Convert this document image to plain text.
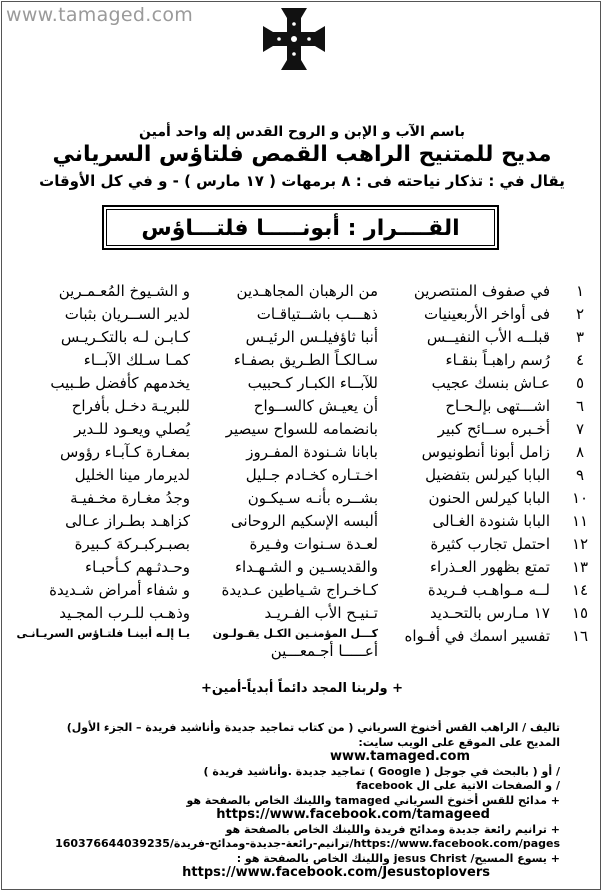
www.tamaged.com
باسم الآب و الإبن و الروح القدس إله واحد أمين
مديح للمتنيح الراهب القمص فلتاؤس السرياني
يقال في : تذكار نياحته فى : ٨ برمهات ( ١٧ مارس ) - و في كل الأوقات
القــــرار : أبونـــــا فلتـــاؤس
١
في صفوف المنتصرين
من الرهبان المجاهـدين
و الشـيوخ المُعـمـرين
٢
فى أواخر الأربعينيات
ذهـــب باشــتياقـات
لدير الســريان بثبات
٣
قبلــه الأب النفيــس
أنبا ثاؤفيلـس الرئيـس
كـابـن لـه بالتكـريـس
٤
رُسم راهبـاً بنقـاء
سـالكـاً الطـريق بصفـاء
كمـا سـلك الآبــاء
٥
عـاش بنسك عجيب
للآبــاء الكبـار كـحبيب
يخدمهم كأفضل طـبيب
٦
اشـــتهى بإلـحـاح
أن يعيـش كالســواح
للبريـة دخـل بأفراح
٧
أخـبره ســائح كبير
بانضمامه للسواح سيصير
يُصلي ويعـود للـدير
٨
زامل أبونا أنطونيوس
بابانا شـنودة المفـروز
بمغـارة كـآبـاء رؤوس
٩
البابا كيرلس بتفضيل
اخـتـاره كخـادم جـليل
لديرمار مينا الخليل
١٠
البابا كيرلس الحنون
بشــره بأنـه سـيكـون
وجدُ مغـارة مخـفيـة
١١
البابا شنودة الغـالى
ألبسه الإسكيم الروحانى
كزاهـد بطـراز عـالى
١٢
احتمل تجارب كثيرة
لعـدة سـنوات وفـيرة
بصبـركبـركة كـبيرة
١٣
تمتع بظهور العـذراء
والقديسـين و الشـهـداء
وحـدثـهم كـأحبـاء
١٤
لــه مـواهـب فـريدة
كـاخـراج شـياطين عـديدة
و شفاء أمراض شـديدة
١٥
١٧ مـارس بالتحـديد
تـنيـح الأب الفـريـد
وذهـب للـرب المجـيد
١٦
تفسير اسمك في أفـواه
كـــل المؤمنـين الكـل يقـولـون
يـا إلـه أبينـا فلتـاؤس السريـانـى
أعـــــا أجـمعـــين
+ ولربنا المجد دائماً أبدياً-أمين+
تاليف / الراهب القس أخنوخ السرياني ( من كتاب تماجيد جديدة وأناشيد فريدة – الجزء الأول)
المديح على الموقع على الويب سايت:
www.tamaged.com
/ أو ( بالبحث في جوجل ( Google ) تماجيد جديدة .وأناشيد فريدة )
/ و الصفحات الاتية على ال facebook
+ مدائح للقس أخنوخ السرياني tamaged واللينك الخاص بالصفحة هو
https://www.facebook.com/tamageed
+ ترانيم رائعة جديدة ومدائح فريدة واللينك الخاص بالصفحة هو
https://www.facebook.com/pages/ترانيم-رائعة-جديدة-ومدائح-فريدة/160376644039235
+ يسوع المسيح/ jesus Christ واللينك الخاص بالصفحة هو :
https://www.facebook.com/Jesustoplovers
